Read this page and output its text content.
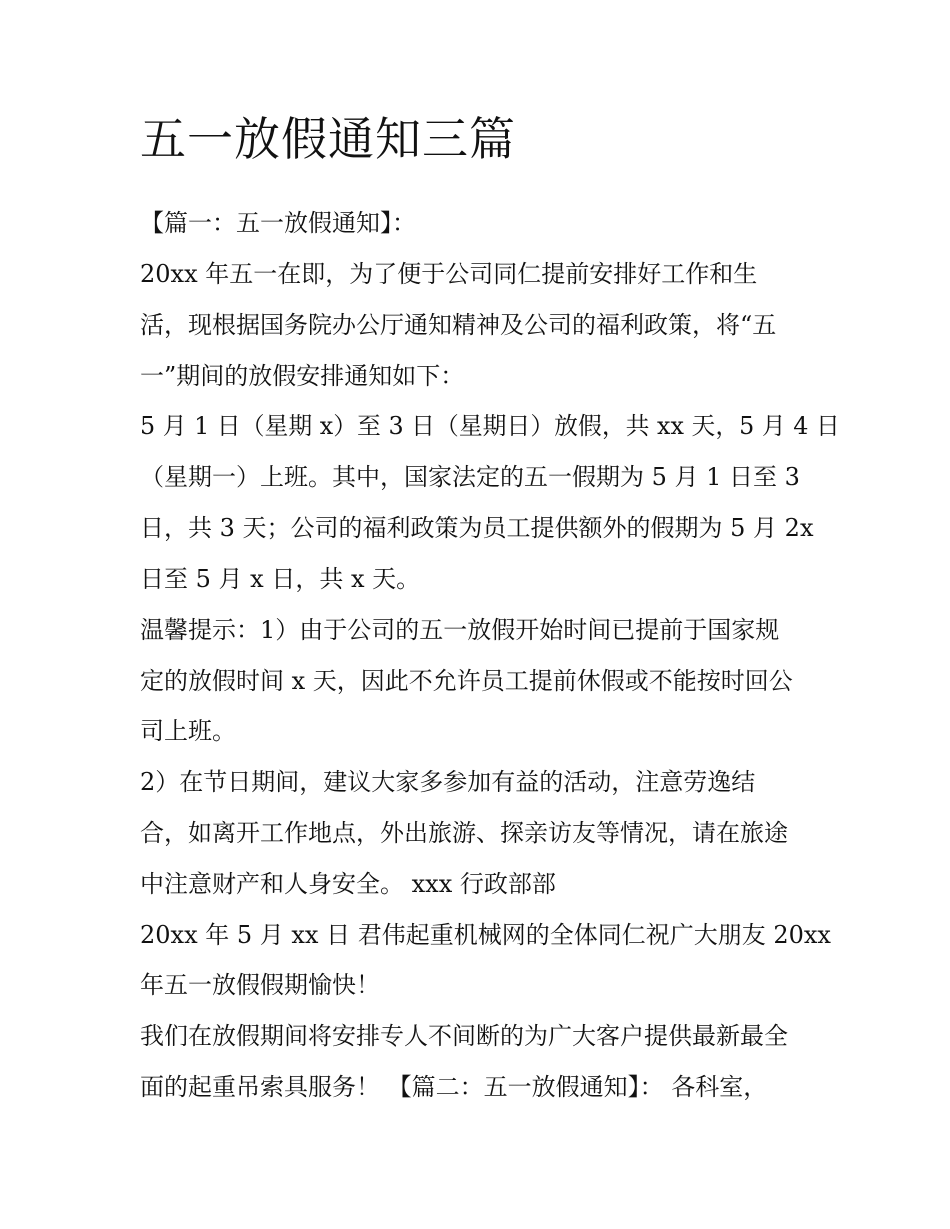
五一放假通知三篇

【篇一：五一放假通知】：

20xx 年五一在即，为了便于公司同仁提前安排好工作和生

活，现根据国务院办公厅通知精神及公司的福利政策，将“五

一”期间的放假安排通知如下：

5 月 1 日（星期 x）至 3 日（星期日）放假，共 xx 天，5 月 4 日

（星期一）上班。其中，国家法定的五一假期为 5 月 1 日至 3

日，共 3 天；公司的福利政策为员工提供额外的假期为 5 月 2x

日至 5 月 x 日，共 x 天。

温馨提示：1）由于公司的五一放假开始时间已提前于国家规

定的放假时间 x 天，因此不允许员工提前休假或不能按时回公

司上班。

2）在节日期间，建议大家多参加有益的活动，注意劳逸结

合，如离开工作地点，外出旅游、探亲访友等情况，请在旅途

中注意财产和人身安全。 xxx 行政部部

20xx 年 5 月 xx 日 君伟起重机械网的全体同仁祝广大朋友 20xx

年五一放假假期愉快！

我们在放假期间将安排专人不间断的为广大客户提供最新最全

面的起重吊索具服务！ 【篇二：五一放假通知】： 各科室，
